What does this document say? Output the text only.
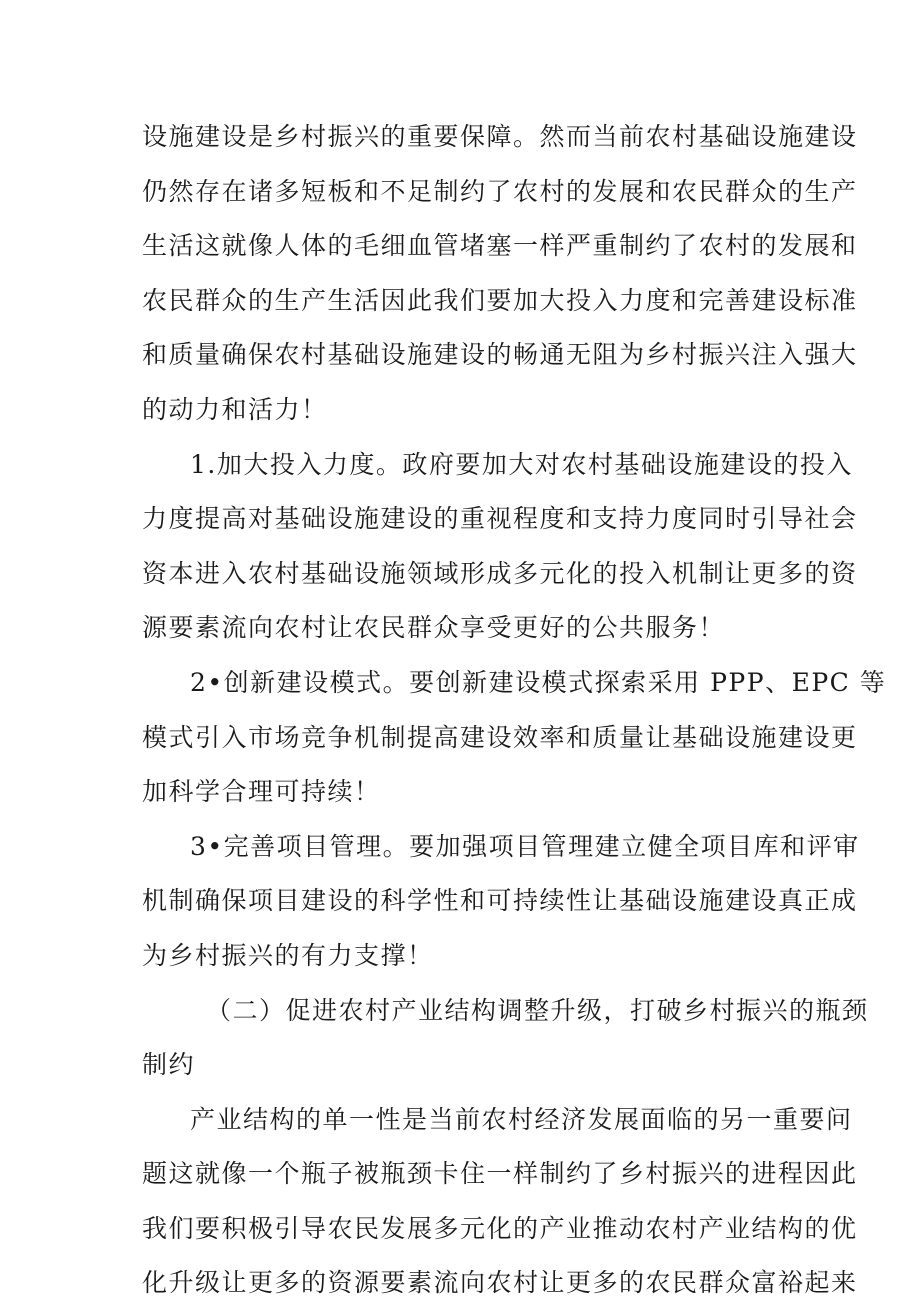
设施建设是乡村振兴的重要保障。然而当前农村基础设施建设
仍然存在诸多短板和不足制约了农村的发展和农民群众的生产
生活这就像人体的毛细血管堵塞一样严重制约了农村的发展和
农民群众的生产生活因此我们要加大投入力度和完善建设标准
和质量确保农村基础设施建设的畅通无阻为乡村振兴注入强大
的动力和活力！
1.加大投入力度。政府要加大对农村基础设施建设的投入
力度提高对基础设施建设的重视程度和支持力度同时引导社会
资本进入农村基础设施领域形成多元化的投入机制让更多的资
源要素流向农村让农民群众享受更好的公共服务！
2•创新建设模式。要创新建设模式探索采用 PPP、EPC 等
模式引入市场竞争机制提高建设效率和质量让基础设施建设更
加科学合理可持续！
3•完善项目管理。要加强项目管理建立健全项目库和评审
机制确保项目建设的科学性和可持续性让基础设施建设真正成
为乡村振兴的有力支撑！
（二）促进农村产业结构调整升级，打破乡村振兴的瓶颈
制约
产业结构的单一性是当前农村经济发展面临的另一重要问
题这就像一个瓶子被瓶颈卡住一样制约了乡村振兴的进程因此
我们要积极引导农民发展多元化的产业推动农村产业结构的优
化升级让更多的资源要素流向农村让更多的农民群众富裕起来
